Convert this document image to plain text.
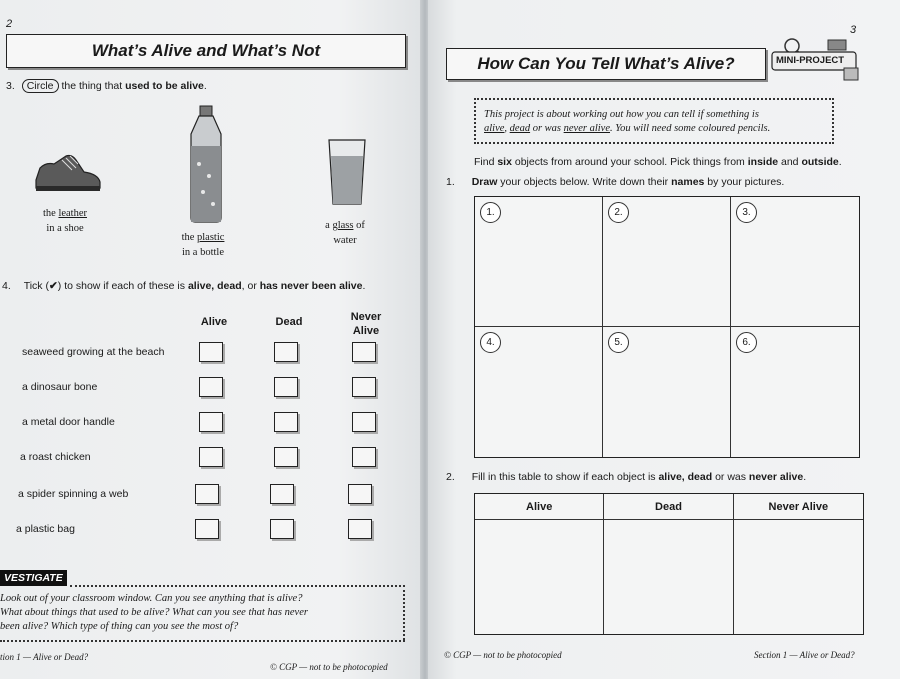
2
What’s Alive and What’s Not
3. Circle the thing that used to be alive.
the leather
in a shoe
the plastic
in a bottle
a glass of
water
4. Tick (✔) to show if each of these is alive, dead, or has never been alive.
Alive	Dead	Never Alive
seaweed growing at the beach
a dinosaur bone
a metal door handle
a roast chicken
a spider spinning a web
a plastic bag
VESTIGATE
Look out of your classroom window. Can you see anything that is alive?
What about things that used to be alive? What can you see that has never
been alive? Which type of thing can you see the most of?
tion 1 — Alive or Dead?
© CGP — not to be photocopied
3
How Can You Tell What’s Alive?	MINI-PROJECT
This project is about working out how you can tell if something is
alive, dead or was never alive. You will need some coloured pencils.
Find six objects from around your school. Pick things from inside and outside.
1. Draw your objects below. Write down their names by your pictures.
1.	2.	3.
4.	5.	6.
2. Fill in this table to show if each object is alive, dead or was never alive.
Alive	Dead	Never Alive
© CGP — not to be photocopied	Section 1 — Alive or Dead?
